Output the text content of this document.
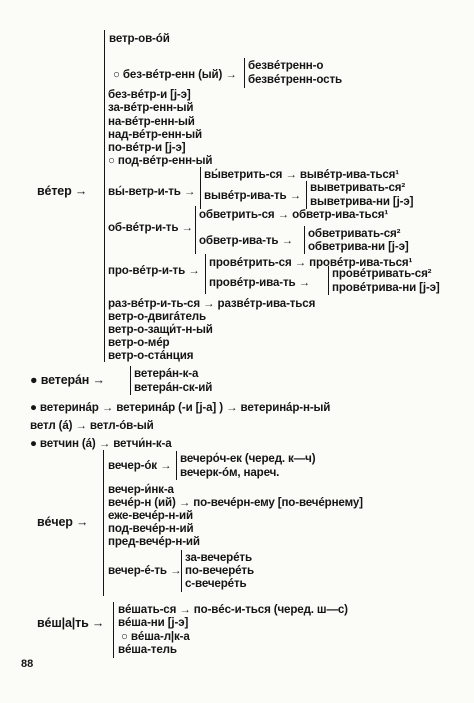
вéтер →
ветр-ов-óй
○ без-вéтр-енн (ый) →
безвéтренн-о
безвéтренн-ость
без-вéтр-и [j-э]
за-вéтр-енн-ый
на-вéтр-енн-ый
над-вéтр-енн-ый
по-вéтр-и [j-э]
○ под-вéтр-енн-ый
вы́-ветр-и-ть →
вы́ветрить-ся → вывéтр-ива-ться¹
вывéтр-ива-ть →
выветривать-ся²
выветрива-ни [j-э]
об-вéтр-и-ть →
обветрить-ся → обветр-ива-ться¹
обветр-ива-ть →
обветривать-ся²
обветрива-ни [j-э]
про-вéтр-и-ть →
провéтрить-ся → провéтр-ива-ться¹
провéтр-ива-ть →
провéтривать-ся²
провéтрива-ни [j-э]
раз-вéтр-и-ть-ся → развéтр-ива-ться
ветр-о-двигáтель
ветр-о-защи́т-н-ый
ветр-о-мéр
ветр-о-стáнция
● ветерáн →	ветерáн-к-а
ветерáн-ск-ий
● ветеринáр → ветеринáр (-и [j-а] ) → ветеринáр-н-ый
ветл (á) → ветл-óв-ый
● ветчин (á) → ветчи́н-к-а
вéчер →
вечер-óк →
вечеро́ч-ек (черед. к—ч)
вечерк-óм, нареч.
вечер-и́нк-а
вечéр-н (ий) → по-вечéрн-ему [по-вечéрнему]
еже-вечéр-н-ий
под-вечéр-н-ий
пред-вечéр-н-ий
вечер-é-ть →
за-вечерéть
по-вечерéть
с-вечерéть
вéш|а|ть →
вéшать-ся → по-вéс-и-ться (черед. ш—с)
вéша-ни [j-э]
○ вéша-л|к-а
вéша-тель
88
